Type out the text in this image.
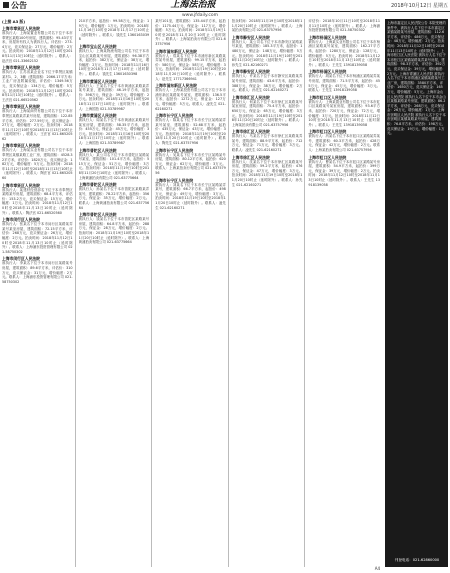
公告	上海法治报	2018年10月12日 星期五
www.jfdaily.com
(上接 A3 版)
上海市奉贤区人民法院
被执行人：上海某置业有限公司名下位于本市奉贤区某路100号房屋，建筑面积：95.43平方米，房屋所有权人为被执行人。评估价：273.4万元，竞买保证金：27万元，增价幅度：2万元。拍卖时间：2018年11月12日10时至2018年11月13日10时止（延时除外）。联系人：赵法官 021-33662152
上海市奉贤区人民法院
被执行人：江苏省某企业名下位于奉贤区某镇某村1、2、3幢（建筑面积：2066.17平方米）工业厂房及附属设施，评估价：1349.56万元，竞买保证金：134万元，增价幅度：5万元。拍卖时间：2018年11月12日10时至2018年11月13日10时止（延时除外）。联系人：王法官 021-66520562
上海市奉贤区人民法院
被执行人：上海某商贸有限公司名下位于本市奉贤区某路某弄某号房屋，建筑面积：122.85平方米，评估价：277.59万元，竞买保证金：27万元，增价幅度：2万元。拍卖时间：2018年11月12日10时至2018年11月13日10时止（延时除外）。联系人：王法官 021-66520562
上海市奉贤区人民法院
被执行人：上海某实业有限公司名下位于本市奉贤区某镇某路工业厂房，建筑面积：4528.32平方米，评估价：1820万元，竞买保证金：182万元，增价幅度：5万元。拍卖时间：2018年11月12日10时至2018年11月13日10时止（延时除外）。联系人：陶法官 021-66520560
上海市奉贤区人民法院
被执行人：某建材经营部名下位于本市奉贤区某路某号房屋，建筑面积：68.4平方米，评估价：153.2万元，竞买保证金：15万元，增价幅度：1万元。拍卖时间：2018年11月12日10时至2018年11月13日10时止（延时除外）。联系人：陶法官 021-66520560
上海市闵行区人民法院
被执行人：张某名下位于本市闵行区某路某弄某号某室房屋，建筑面积：72.15平方米，评估价：268万元，竞买保证金：26万元，增价幅度：2万元。拍卖时间：2018年11月12日10时至2018年11月13日10时止（延时除外）。联系人：上海浦东投资管理有限公司 021-58750302
上海市闵行区人民法院
被执行人：李某名下位于本市闵行区某路某号房屋，建筑面积：89.6平方米，评估价：310万元，竞买保证金：31万元，增价幅度：2万元。联系人：上海浦东投资管理有限公司 021-58750302
210平方米，起拍价：99.58万元，保证金：19万元，增价幅度：1万元。拍卖时间：2018年11月16日10时至2018年11月17日10时止（延时除外）。联系人：钱先生 13601630398
上海市宝山区人民法院
被执行人：上海某物流有限公司名下位于本市宝山区某路某号房屋，建筑面积：96.38平方米，起拍价：382万元，保证金：38万元，增价幅度：2万元。拍卖时间：2018年11月16日10时至2018年11月17日10时止（延时除外）。联系人：钱先生 13601630398
上海市黄浦区人民法院
被执行人：王某名下位于本市黄浦区某路某弄某号某室，建筑面积：46.19平方米，起拍价：398万元，保证金：39万元，增价幅度：2万元。拍卖时间：2018年11月16日10时至2018年11月17日10时止（延时除外）。联系人：上海国拍 021-53789987
上海市黄浦区人民法院
被执行人：周某名下位于本市黄浦区某路某号某室房屋，建筑面积：58.35平方米，起拍价：455万元，保证金：45万元，增价幅度：3万元。拍卖时间：2018年11月16日10时至2018年11月17日10时止（延时除外）。联系人：上海国拍 021-53789987
上海市普陀区人民法院
被执行人：某公司名下位于本市普陀区某路某号某室，建筑面积：101.4平方米，起拍价：515万元，保证金：51万元，增价幅度：3万元。拍卖时间：2018年11月19日10时至2018年11月20日10时止（延时除外）。联系人：上海黄浦拍卖有限公司 021-63775664
上海市普陀区人民法院
被执行人：孙某名下位于本市普陀区某路某弄某号，建筑面积：78.22平方米，起拍价：356万元，保证金：35万元，增价幅度：2万元。联系人：上海黄浦拍卖有限公司 021-63775664
上海市普陀区人民法院
被执行人：钱某名下位于本市普陀区某路某号房屋，建筑面积：64.8平方米，起拍价：288万元，保证金：28万元，增价幅度：2万元。拍卖时间：2018年11月19日10时至2018年11月20日10时止（延时除外）。联系人：上海黄浦拍卖有限公司 021-63775664
某号101室，建筑面积：135.44平方米，起拍价：1175.44万元，保证金：117万元，增价幅度：5万元。拍卖时间：2018年11月19日10时至2018年11月20日10时止（延时除外）。联系人：上海某拍卖行有限公司 021-63757956
上海市浦东新区人民法院
被执行人：郑某名下位于本市浦东新区某路某弄某号房屋，建筑面积：99.15平方米，起拍价：580万元，保证金：58万元，增价幅度：3万元。拍卖时间：2018年11月19日10时至2018年11月20日10时止（延时除外）。联系人：赵先生 17717366941
上海市浦东新区人民法院
被执行人：上海某投资有限公司名下位于本市浦东新区某路某号某室，建筑面积：136.5平方米，起拍价：1272万元，保证金：127万元，增价幅度：5万元。联系人：凌先生 021-62160271
上海市长宁区人民法院
被执行人：陈某名下位于本市长宁区某路某弄某号某室，建筑面积：52.68平方米，起拍价：435万元，保证金：43万元，增价幅度：3万元。拍卖时间：2018年11月19日10时至2018年11月20日10时止（延时除外）。联系人：陶先生 021-63757956
上海市长宁区人民法院
被执行人：吴某名下位于本市长宁区某路某号房屋，建筑面积：80.12平方米，起拍价：620万元，保证金：62万元，增价幅度：3万元。联系人：上海某拍卖行有限公司 021-63757956
上海市长宁区人民法院
被执行人：刘某名下位于本市长宁区某路某弄某号，建筑面积：66.7平方米，起拍价：498万元，保证金：49万元，增价幅度：3万元。拍卖时间：2018年11月19日10时至2018年11月20日10时止（延时除外）。联系人：凌先生 021-62160271
拍卖时间：2018年11月19日10时至2018年11月20日10时止（延时除外）。联系人：上海某拍卖有限公司 021-63757956
上海市静安区人民法院
被执行人：某公司名下位于本市静安区某路某号某室，建筑面积：185.3平方米，起拍价：1480万元，保证金：148万元，增价幅度：5万元。拍卖时间：2018年11月19日10时至2018年11月20日10时止（延时除外）。联系人：孙先生 021-62160271
上海市静安区人民法院
被执行人：许某名下位于本市静安区某路某弄某号房屋，建筑面积：43.6平方米，起拍价：388万元，保证金：38万元，增价幅度：2万元。联系人：孙先生 021-62160271
上海市徐汇区人民法院
被执行人：何某名下位于本市徐汇区某路某号某室房屋，建筑面积：75.4平方米，起拍价：650万元，保证金：65万元，增价幅度：3万元。拍卖时间：2018年11月19日10时至2018年11月20日10时止（延时除外）。联系人：上海某拍卖有限公司 021-63757956
上海市徐汇区人民法院
被执行人：马某名下位于本市徐汇区某路某弄某号，建筑面积：88.9平方米，起拍价：712万元，保证金：71万元，增价幅度：3万元。联系人：凌先生 021-62160271
上海市徐汇区人民法院
被执行人：沈某名下位于本市徐汇区某路某号房屋，建筑面积：59.2平方米，起拍价：476万元，保证金：47万元，增价幅度：3万元。拍卖时间：2018年11月19日10时至2018年11月20日10时止（延时除外）。联系人：孙先生 021-62160271
评估价：2018年10月11日10时至2018年11月11日10时止（延时除外）。联系人：上海浦东投资管理有限公司 021-58750302
上海市杨浦区人民法院
被执行人：上海某实业有限公司名下位于本市杨浦区某路某号某室，建筑面积：162.27平方米，起拍价：1280万元，保证金：128万元，增价幅度：5万元。拍卖时间：2018年11月12日10时至2018年11月13日10时止（延时除外）。联系人：王先生 13918139058
上海市杨浦区人民法院
被执行人：胡某名下位于本市杨浦区某路某弄某号房屋，建筑面积：71.5平方米，起拍价：455万元，保证金：45万元，增价幅度：3万元。联系人：王先生 13918139058
上海市虹口区人民法院
被执行人：上海某置业有限公司名下位于本市虹口区某路某号某室房屋，建筑面积：93.6平方米，起拍价：720万元，保证金：72万元，增价幅度：3万元。拍卖时间：2018年11月12日10时至2018年11月13日10时止（延时除外）。联系人：王先生 13918139058
上海市虹口区人民法院
被执行人：冯某名下位于本市虹口区某路某弄某号，建筑面积：60.3平方米，起拍价：428万元，保证金：42万元，增价幅度：2万元。联系人：上海某拍卖有限公司 021-63757956
上海市虹口区人民法院
被执行人：曹某名下位于本市虹口区某路某号房屋，建筑面积：54.9平方米，起拍价：399万元，保证金：39万元，增价幅度：2万元。拍卖时间：2018年11月12日10时至2018年11月13日10时止（延时除外）。联系人：王先生 13918139058
上海市嘉定区人民法院公告 本院受理的案件中，被执行人名下位于本市嘉定区某镇某路某号房屋，建筑面积：112.6平方米，评估价：486万元，竞买保证金：48万元，增价幅度：2万元。拍卖时间：2018年11月12日10时至2018年11月13日10时止（延时除外）。上海市松江区人民法院 被执行人名下位于本市松江区某镇某路某弄某号房屋，建筑面积：98.3平方米，评估价：392万元，竞买保证金：39万元，增价幅度：2万元。上海市青浦区人民法院 被执行人名下位于本市青浦区某镇某路某号工业厂房，建筑面积：3580平方米，评估价：1650万元，竞买保证金：165万元，增价幅度：5万元。上海市金山区人民法院 被执行人名下位于本市金山区某镇某路某号房屋，建筑面积：86.2平方米，评估价：268万元，竞买保证金：26万元，增价幅度：1万元。上海市崇明区人民法院 被执行人名下位于本市崇明区某镇某路某号房屋，建筑面积：76.8平方米，评估价：198万元，竞买保证金：19万元，增价幅度：1万元。
刊登电话：021-62860000
A4
